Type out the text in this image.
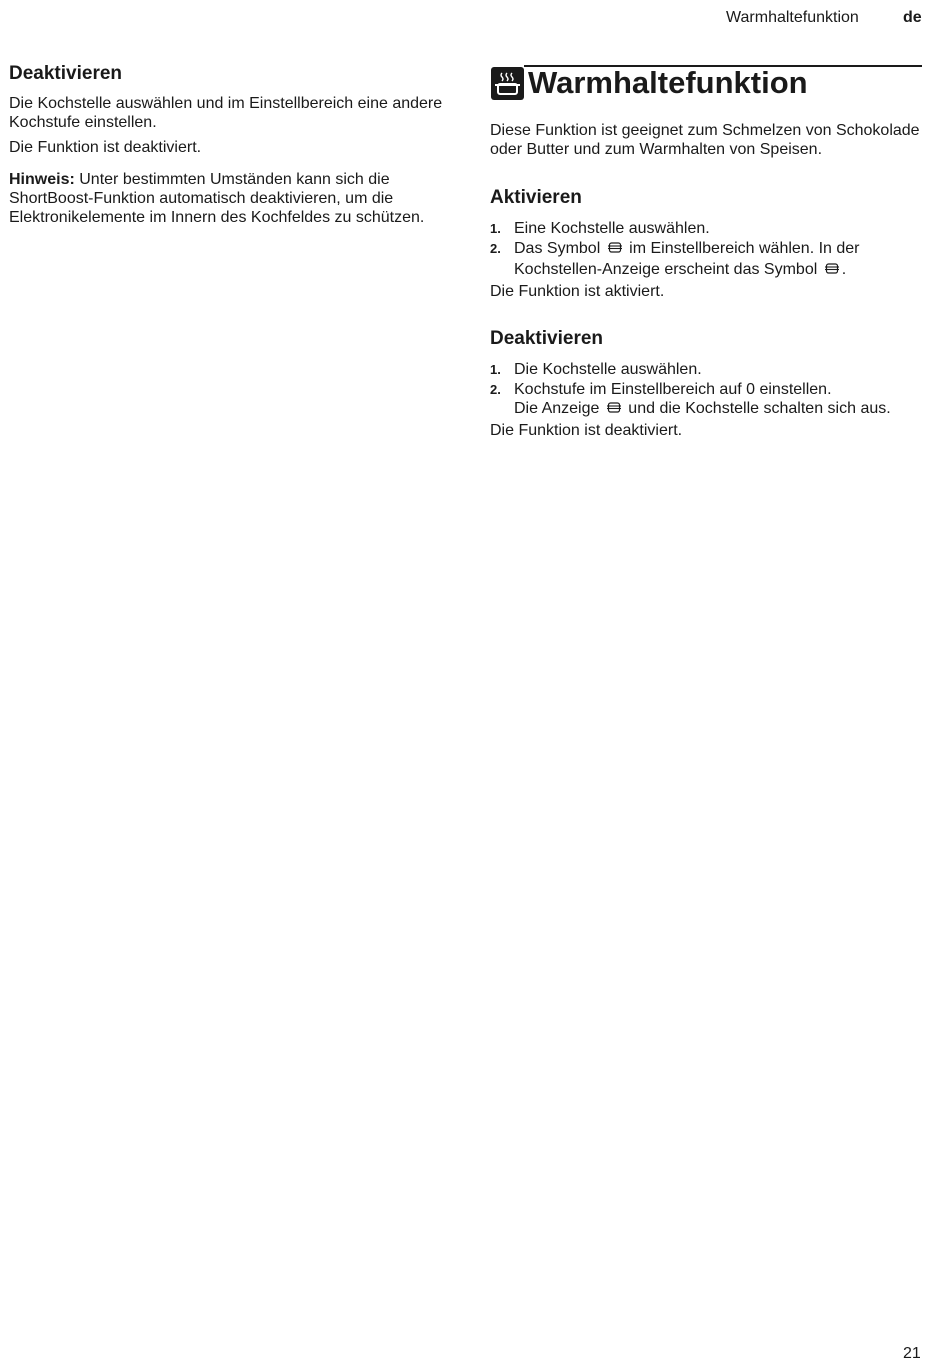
Warmhaltefunktion	de
Deaktivieren

Die Kochstelle auswählen und im Einstellbereich eine andere Kochstufe einstellen.

Die Funktion ist deaktiviert.

Hinweis: Unter bestimmten Umständen kann sich die ShortBoost-Funktion automatisch deaktivieren, um die Elektronikelemente im Innern des Kochfeldes zu schützen.

Warmhaltefunktion

Diese Funktion ist geeignet zum Schmelzen von Schokolade oder Butter und zum Warmhalten von Speisen.

Aktivieren
1. Eine Kochstelle auswählen.
2. Das Symbol im Einstellbereich wählen. In der Kochstellen-Anzeige erscheint das Symbol .

Die Funktion ist aktiviert.

Deaktivieren
1. Die Kochstelle auswählen.
2. Kochstufe im Einstellbereich auf 0 einstellen.
Die Anzeige und die Kochstelle schalten sich aus.

Die Funktion ist deaktiviert.

21
